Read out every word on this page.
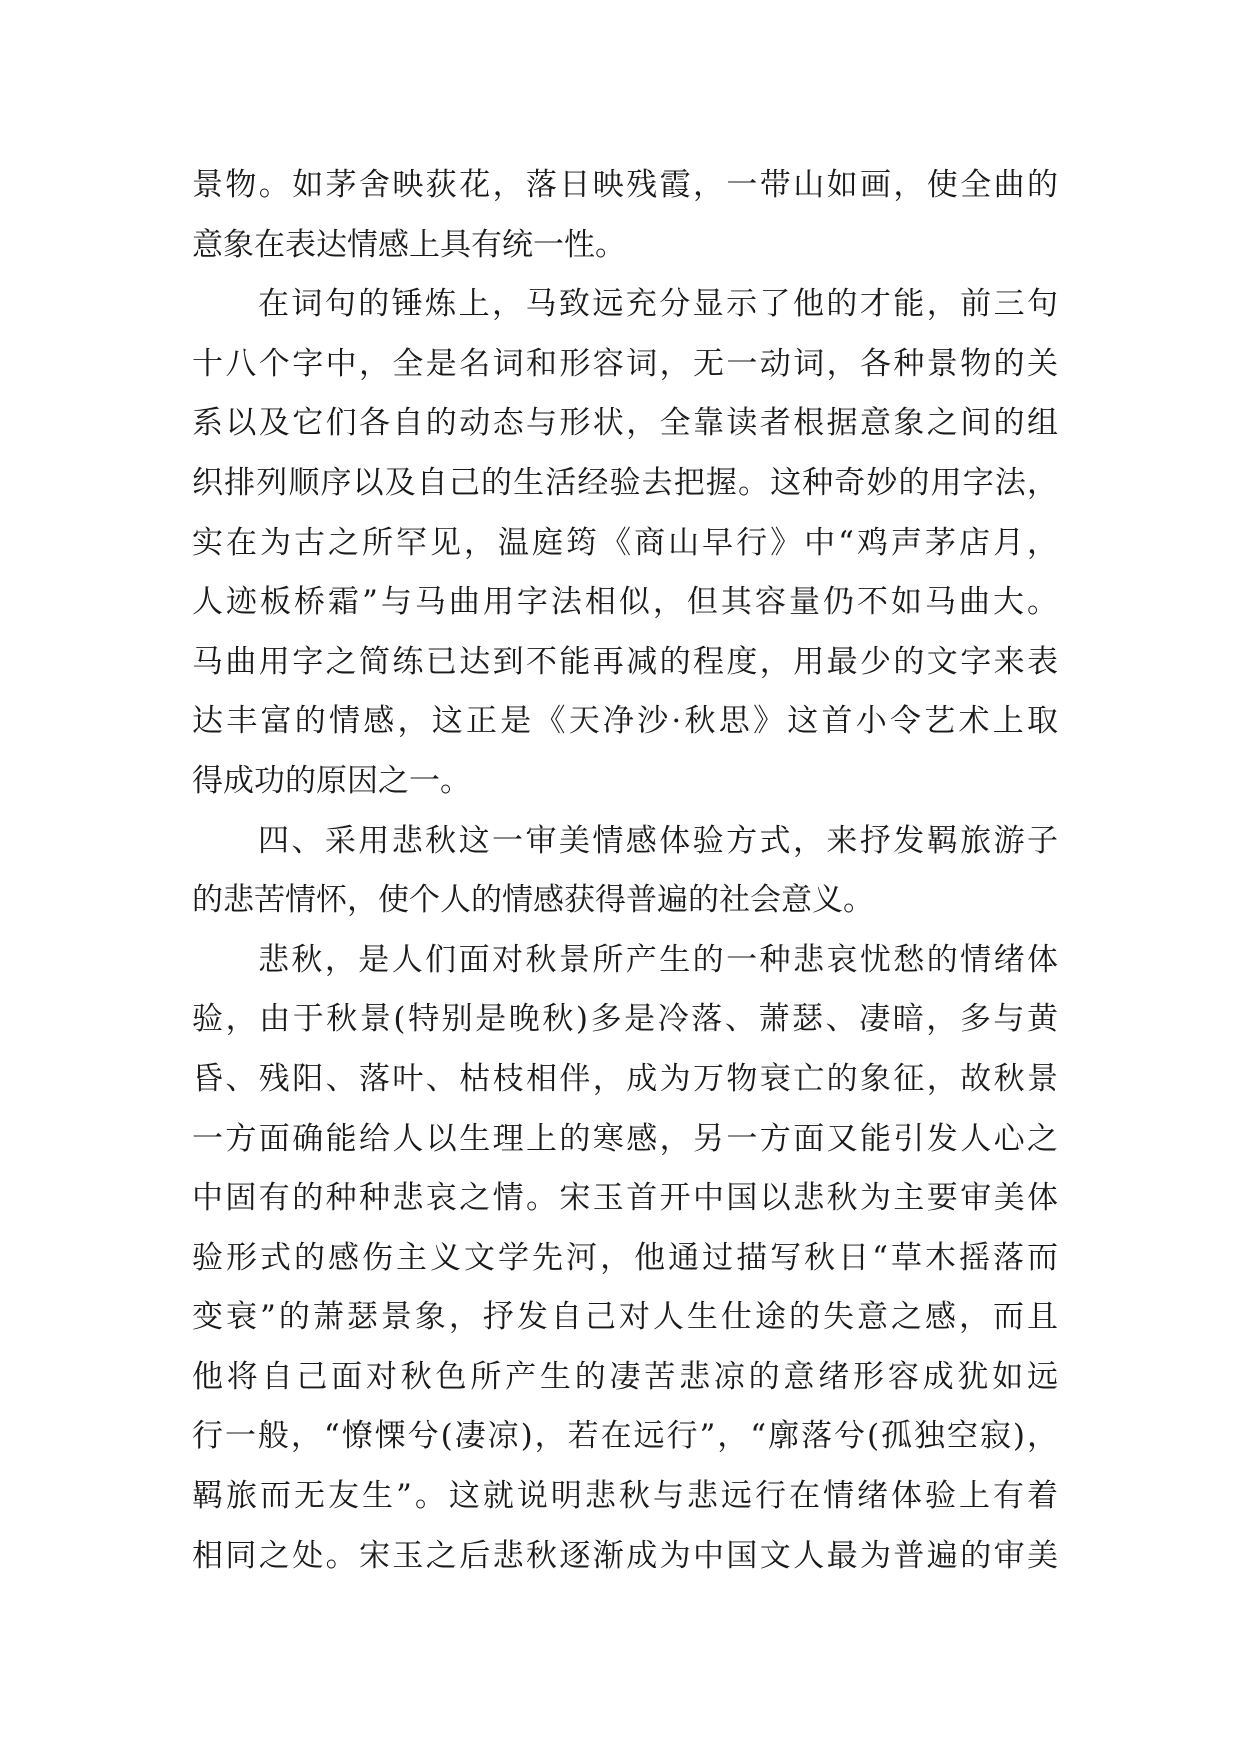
景物。如茅舍映荻花，落日映残霞，一带山如画，使全曲的
意象在表达情感上具有统一性。
在词句的锤炼上，马致远充分显示了他的才能，前三句
十八个字中，全是名词和形容词，无一动词，各种景物的关
系以及它们各自的动态与形状，全靠读者根据意象之间的组
织排列顺序以及自己的生活经验去把握。这种奇妙的用字法，
实在为古之所罕见，温庭筠《商山早行》中“鸡声茅店月，
人迹板桥霜”与马曲用字法相似，但其容量仍不如马曲大。
马曲用字之简练已达到不能再减的程度，用最少的文字来表
达丰富的情感，这正是《天净沙·秋思》这首小令艺术上取
得成功的原因之一。
四、采用悲秋这一审美情感体验方式，来抒发羁旅游子
的悲苦情怀，使个人的情感获得普遍的社会意义。
悲秋，是人们面对秋景所产生的一种悲哀忧愁的情绪体
验，由于秋景(特别是晚秋)多是冷落、萧瑟、凄暗，多与黄
昏、残阳、落叶、枯枝相伴，成为万物衰亡的象征，故秋景
一方面确能给人以生理上的寒感，另一方面又能引发人心之
中固有的种种悲哀之情。宋玉首开中国以悲秋为主要审美体
验形式的感伤主义文学先河，他通过描写秋日“草木摇落而
变衰”的萧瑟景象，抒发自己对人生仕途的失意之感，而且
他将自己面对秋色所产生的凄苦悲凉的意绪形容成犹如远
行一般，“憭慄兮(凄凉)，若在远行”，“廓落兮(孤独空寂)，
羁旅而无友生”。这就说明悲秋与悲远行在情绪体验上有着
相同之处。宋玉之后悲秋逐渐成为中国文人最为普遍的审美
